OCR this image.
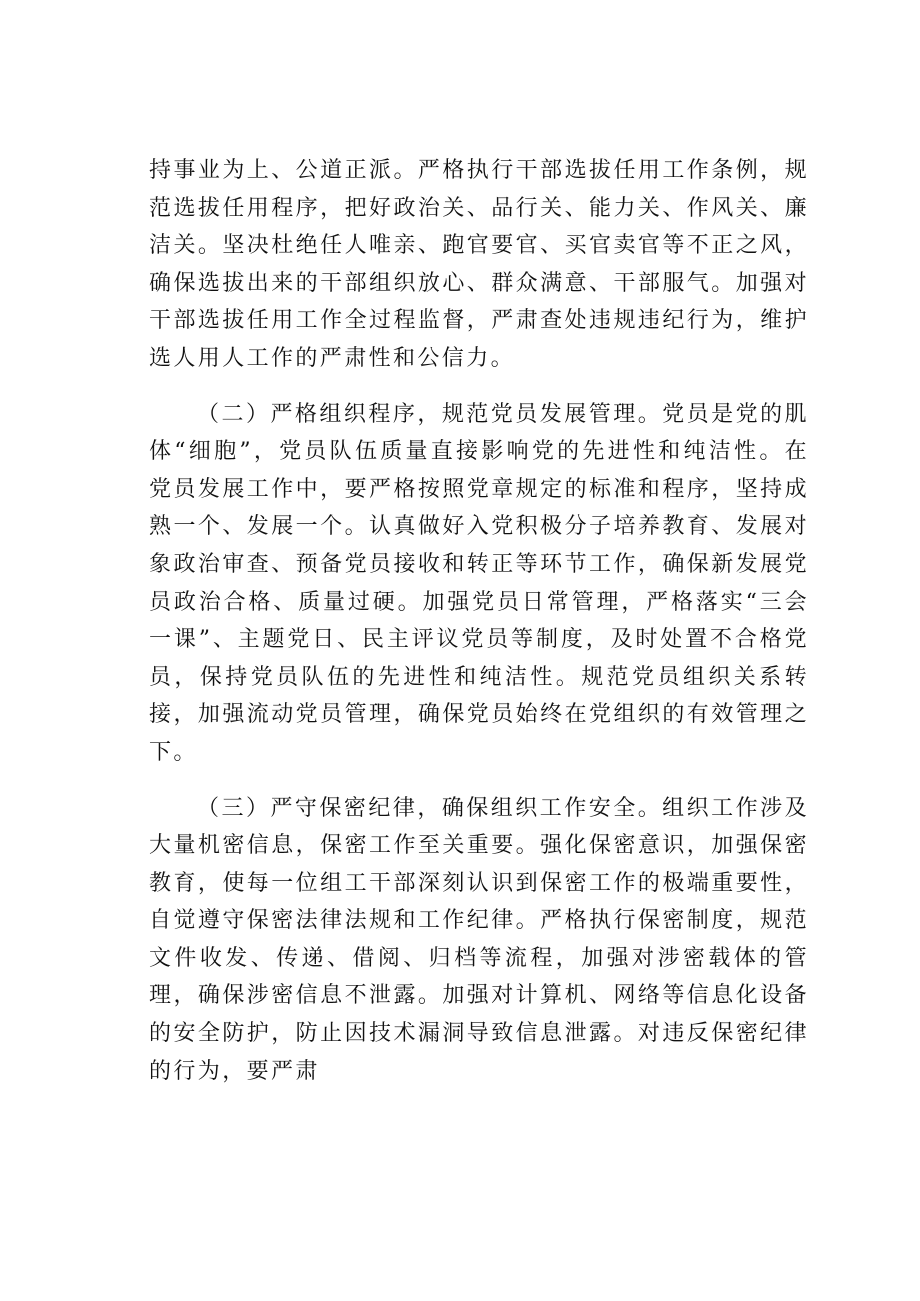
持事业为上、公道正派。严格执行干部选拔任用工作条例，规范选拔任用程序，把好政治关、品行关、能力关、作风关、廉洁关。坚决杜绝任人唯亲、跑官要官、买官卖官等不正之风，确保选拔出来的干部组织放心、群众满意、干部服气。加强对干部选拔任用工作全过程监督，严肃查处违规违纪行为，维护选人用人工作的严肃性和公信力。

（二）严格组织程序，规范党员发展管理。党员是党的肌体“细胞”，党员队伍质量直接影响党的先进性和纯洁性。在党员发展工作中，要严格按照党章规定的标准和程序，坚持成熟一个、发展一个。认真做好入党积极分子培养教育、发展对象政治审查、预备党员接收和转正等环节工作，确保新发展党员政治合格、质量过硬。加强党员日常管理，严格落实“三会一课”、主题党日、民主评议党员等制度，及时处置不合格党员，保持党员队伍的先进性和纯洁性。规范党员组织关系转接，加强流动党员管理，确保党员始终在党组织的有效管理之下。

（三）严守保密纪律，确保组织工作安全。组织工作涉及大量机密信息，保密工作至关重要。强化保密意识，加强保密教育，使每一位组工干部深刻认识到保密工作的极端重要性，自觉遵守保密法律法规和工作纪律。严格执行保密制度，规范文件收发、传递、借阅、归档等流程，加强对涉密载体的管理，确保涉密信息不泄露。加强对计算机、网络等信息化设备的安全防护，防止因技术漏洞导致信息泄露。对违反保密纪律的行为，要严肃
